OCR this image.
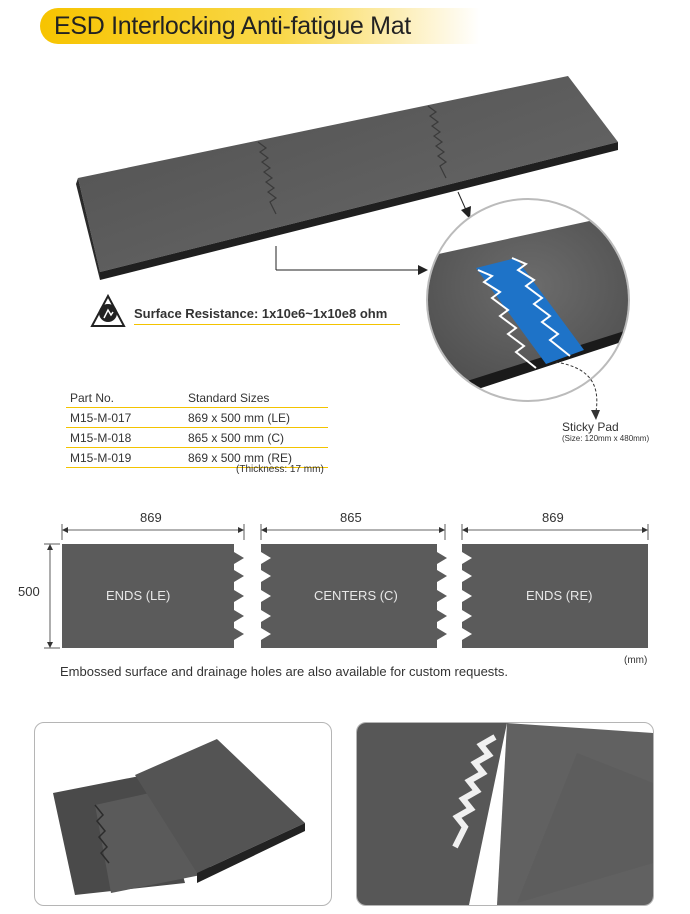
ESD Interlocking Anti-fatigue Mat
Surface Resistance: 1x10e6~1x10e8 ohm
Part No.	Standard Sizes
M15-M-017	869 x 500 mm (LE)
M15-M-018	865 x 500 mm (C)
M15-M-019	869 x 500 mm (RE)
(Thickness: 17 mm)
Sticky Pad
(Size: 120mm x 480mm)
869	865	869
500	ENDS (LE)	CENTERS (C)	ENDS (RE)
(mm)
Embossed surface and drainage holes are also available for custom requests.
